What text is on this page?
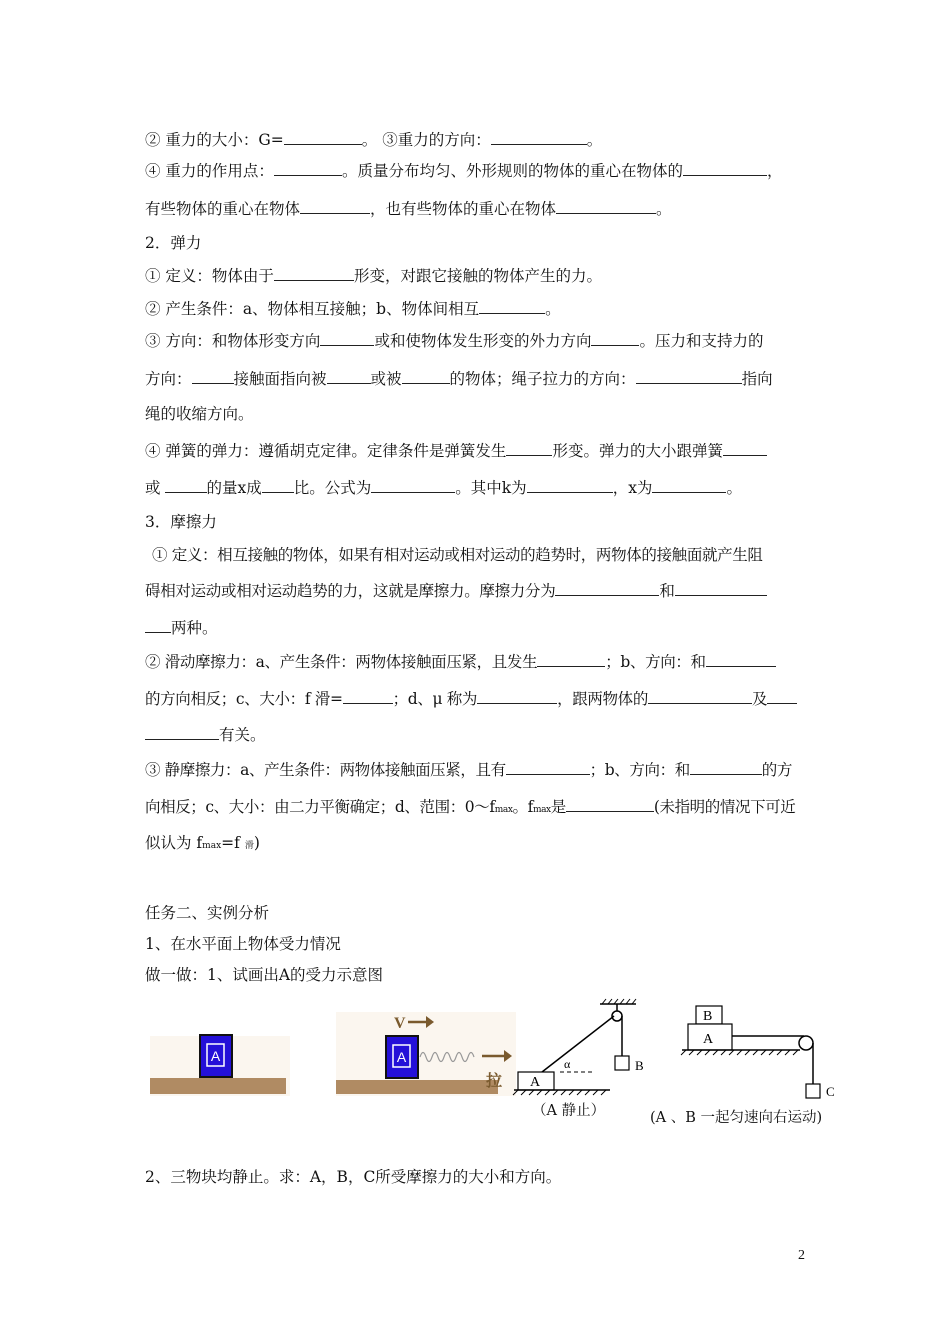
② 重力的大小：G=	。 ③重力的方向：	。
④ 重力的作用点：	。质量分布均匀、外形规则的物体的重心在物体的	，
有些物体的重心在物体	，也有些物体的重心在物体	。
2．弹力
① 定义：物体由于	形变，对跟它接触的物体产生的力。
② 产生条件：a、物体相互接触；b、物体间相互	。
③ 方向：和物体形变方向	或和使物体发生形变的外力方向	。压力和支持力的
方向：	接触面指向被	或被	的物体；绳子拉力的方向：	指向
绳的收缩方向。
④ 弹簧的弹力：遵循胡克定律。定律条件是弹簧发生	形变。弹力的大小跟弹簧
或	的量x成 比。公式为	。其中k为	，x为	。
3．摩擦力
① 定义：相互接触的物体，如果有相对运动或相对运动的趋势时，两物体的接触面就产生阻
碍相对运动或相对运动趋势的力，这就是摩擦力。摩擦力分为	和
两种。
② 滑动摩擦力：a、产生条件：两物体接触面压紧，且发生	；b、方向：和
的方向相反；c、大小：f 滑=	；d、μ 称为	，跟两物体的	及
有关。
③ 静摩擦力：a、产生条件：两物体接触面压紧，且有	；b、方向：和	的方
向相反；c、大小：由二力平衡确定；d、范围：0～fmax。fmax是	(未指明的情况下可近
似认为 fmax=f 滑)
任务二、实例分析
1、在水平面上物体受力情况
做一做：1、试画出A的受力示意图
A
V
A
拉
B
α
A
（A 静止）
B
A
C
(A 、B 一起匀速向右运动)
2、三物块均静止。求：A，B，C所受摩擦力的大小和方向。
2
